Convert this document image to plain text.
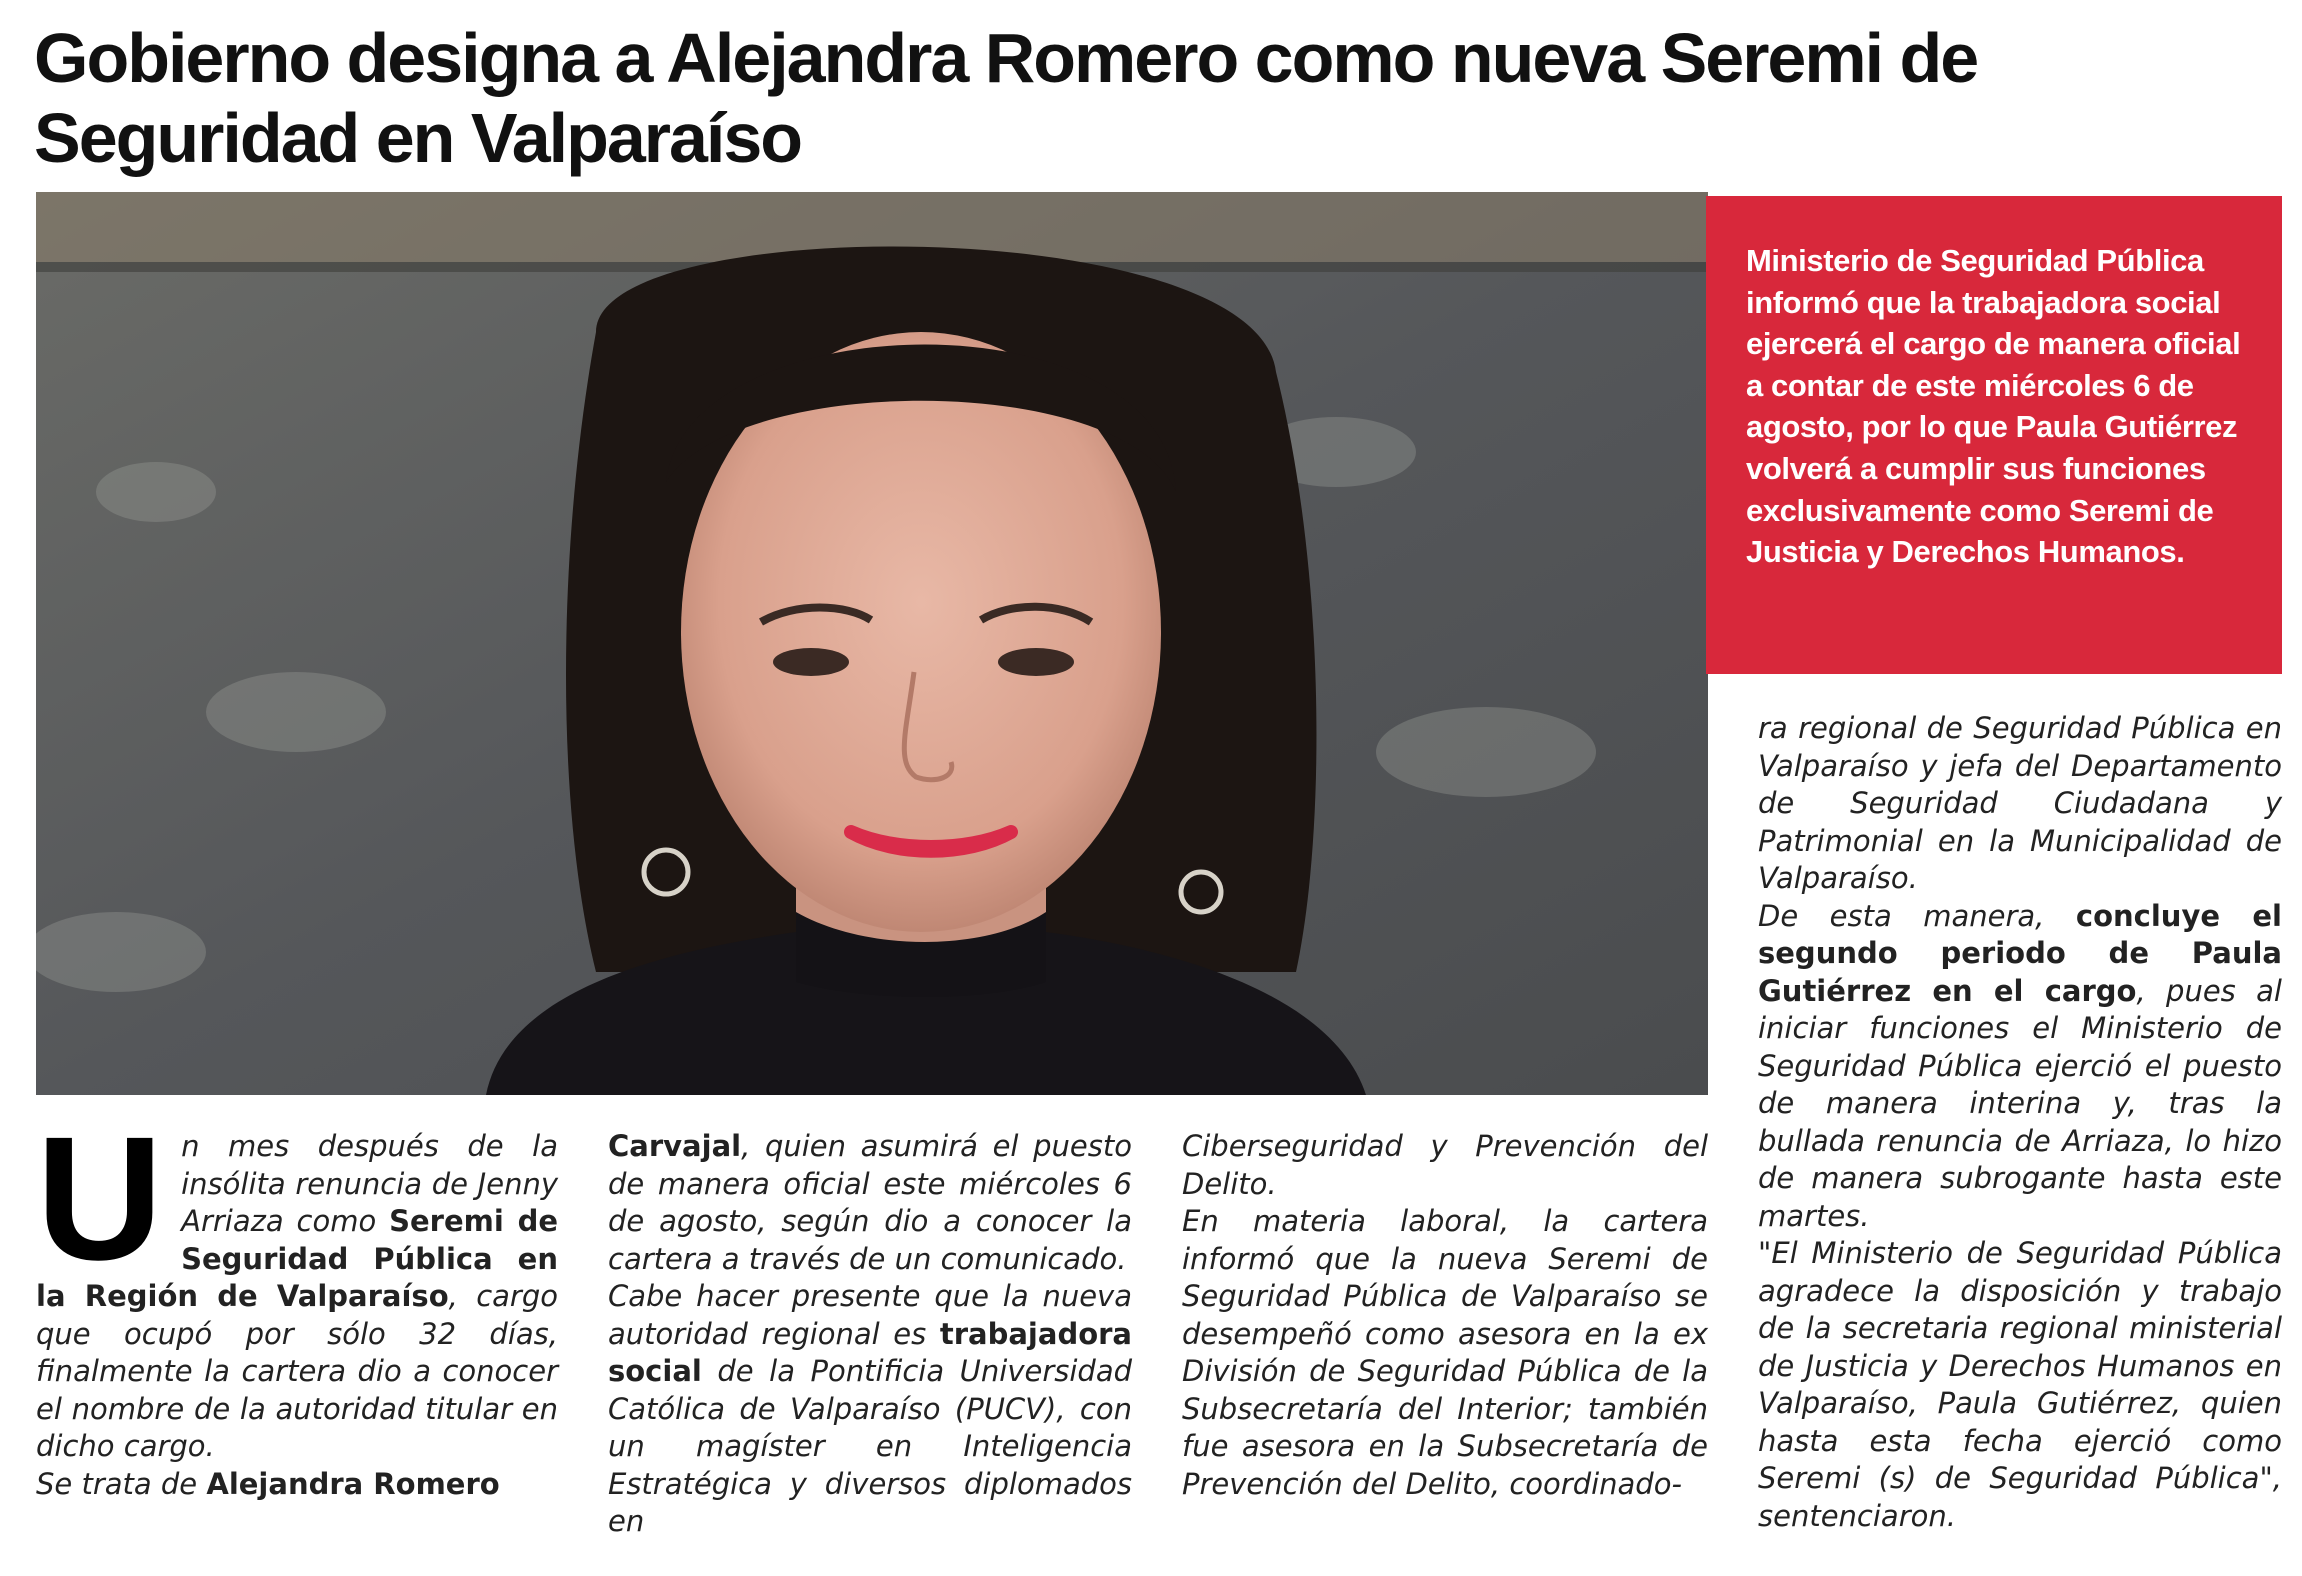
Gobierno designa a Alejandra Romero como nueva Seremi de Seguridad en Valparaíso

Ministerio de Seguridad Pública informó que la trabajadora social ejercerá el cargo de manera oficial a contar de este miércoles 6 de agosto, por lo que Paula Gutiérrez volverá a cumplir sus funciones exclusivamente como Seremi de Justicia y Derechos Humanos.

Un mes después de la insólita renuncia de Jenny Arriaza como Seremi de Seguridad Pública en la Región de Valparaíso, cargo que ocupó por sólo 32 días, finalmente la cartera dio a conocer el nombre de la autoridad titular en dicho cargo.

Se trata de Alejandra Romero

Carvajal, quien asumirá el puesto de manera oficial este miércoles 6 de agosto, según dio a conocer la cartera a través de un comunicado.

Cabe hacer presente que la nueva autoridad regional es trabajadora social de la Pontificia Universidad Católica de Valparaíso (PUCV), con un magíster en Inteligencia Estratégica y diversos diplomados en

Ciberseguridad y Prevención del Delito.

En materia laboral, la cartera informó que la nueva Seremi de Seguridad Pública de Valparaíso se desempeñó como asesora en la ex División de Seguridad Pública de la Subsecretaría del Interior; también fue asesora en la Subsecretaría de Prevención del Delito, coordinado-

ra regional de Seguridad Pública en Valparaíso y jefa del Departamento de Seguridad Ciudadana y Patrimonial en la Municipalidad de Valparaíso.

De esta manera, concluye el segundo periodo de Paula Gutiérrez en el cargo, pues al iniciar funciones el Ministerio de Seguridad Pública ejerció el puesto de manera interina y, tras la bullada renuncia de Arriaza, lo hizo de manera subrogante hasta este martes.

"El Ministerio de Seguridad Pública agradece la disposición y trabajo de la secretaria regional ministerial de Justicia y Derechos Humanos en Valparaíso, Paula Gutiérrez, quien hasta esta fecha ejerció como Seremi (s) de Seguridad Pública", sentenciaron.
